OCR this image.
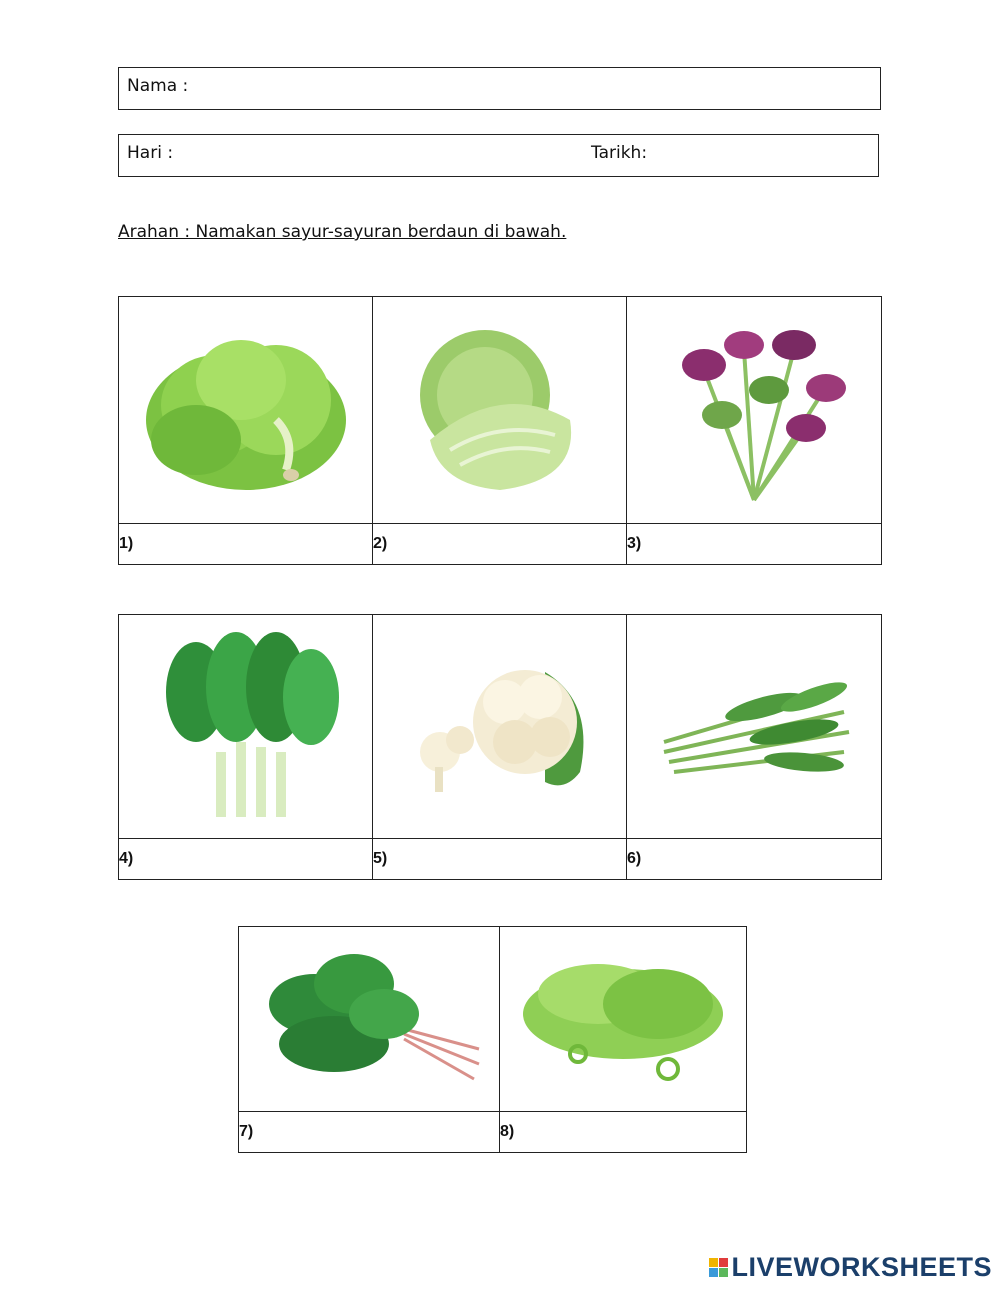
Nama :
Hari :	Tarikh:
Arahan : Namakan sayur-sayuran berdaun di bawah.

1)	2)	3)

4)	5)	6)

7)	8)
LIVEWORKSHEETS
